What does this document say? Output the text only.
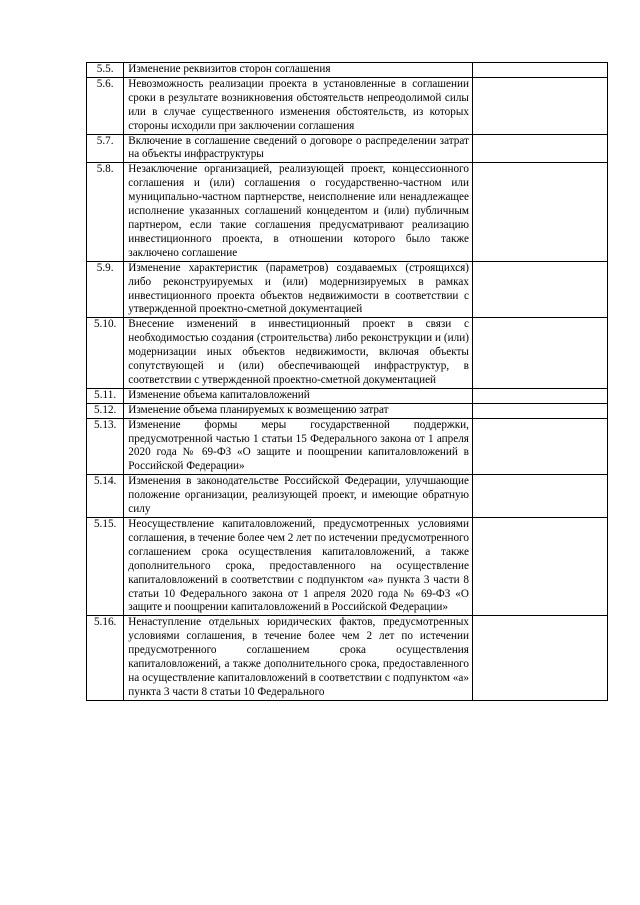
5.5.	Изменение реквизитов сторон соглашения	
5.6.	Невозможность реализации проекта в установленные в соглашении сроки в результате возникновения обстоятельств непреодолимой силы или в случае существенного изменения обстоятельств, из которых стороны исходили при заключении соглашения	
5.7.	Включение в соглашение сведений о договоре о распределении затрат на объекты инфраструктуры	
5.8.	Незаключение организацией, реализующей проект, концессионного соглашения и (или) соглашения о государственно-частном или муниципально-частном партнерстве, неисполнение или ненадлежащее исполнение указанных соглашений концедентом и (или) публичным партнером, если такие соглашения предусматривают реализацию инвестиционного проекта, в отношении которого было также заключено соглашение	
5.9.	Изменение характеристик (параметров) создаваемых (строящихся) либо реконструируемых и (или) модернизируемых в рамках инвестиционного проекта объектов недвижимости в соответствии с утвержденной проектно-сметной документацией	
5.10.	Внесение изменений в инвестиционный проект в связи с необходимостью создания (строительства) либо реконструкции и (или) модернизации иных объектов недвижимости, включая объекты сопутствующей и (или) обеспечивающей инфраструктур, в соответствии с утвержденной проектно-сметной документацией	
5.11.	Изменение объема капиталовложений	
5.12.	Изменение объема планируемых к возмещению затрат	
5.13.	Изменение формы меры государственной поддержки, предусмотренной частью 1 статьи 15 Федерального закона от 1 апреля 2020 года № 69-ФЗ «О защите и поощрении капиталовложений в Российской Федерации»	
5.14.	Изменения в законодательстве Российской Федерации, улучшающие положение организации, реализующей проект, и имеющие обратную силу	
5.15.	Неосуществление капиталовложений, предусмотренных условиями соглашения, в течение более чем 2 лет по истечении предусмотренного соглашением срока осуществления капиталовложений, а также дополнительного срока, предоставленного на осуществление капиталовложений в соответствии с подпунктом «а» пункта 3 части 8 статьи 10 Федерального закона от 1 апреля 2020 года № 69-ФЗ «О защите и поощрении капиталовложений в Российской Федерации»	
5.16.	Ненаступление отдельных юридических фактов, предусмотренных условиями соглашения, в течение более чем 2 лет по истечении предусмотренного соглашением срока осуществления капиталовложений, а также дополнительного срока, предоставленного на осуществление капиталовложений в соответствии с подпунктом «а» пункта 3 части 8 статьи 10 Федерального	
